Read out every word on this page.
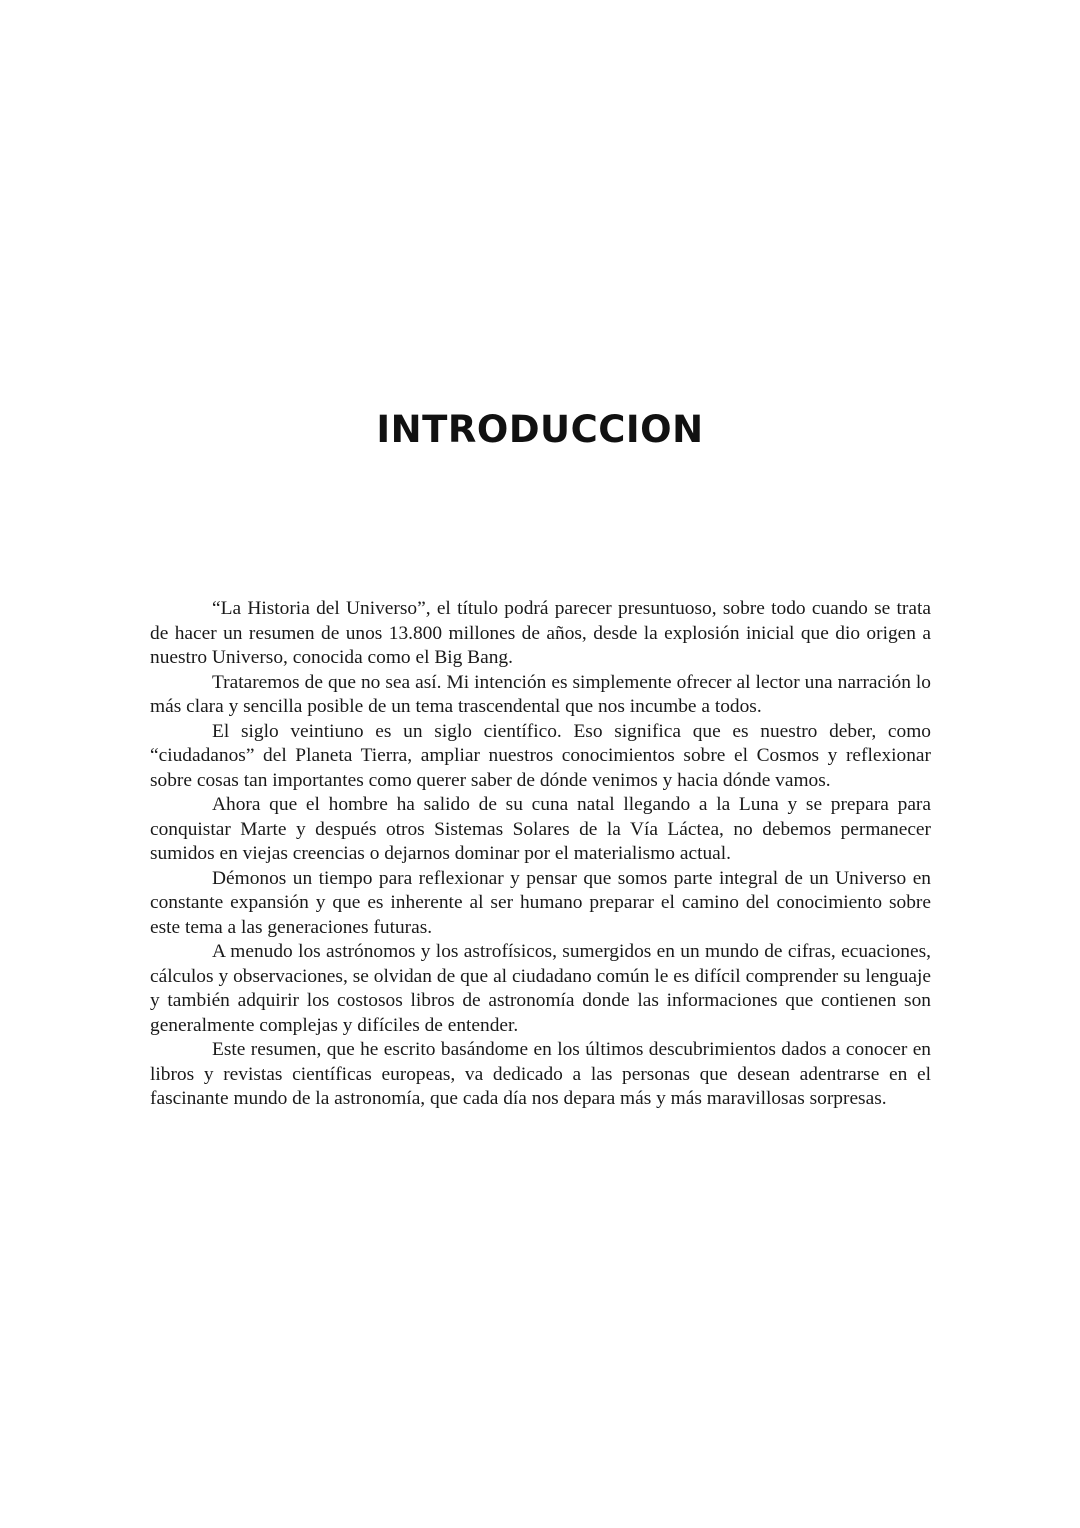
INTRODUCCION

“La Historia del Universo”, el título podrá parecer presuntuoso, sobre todo cuando se trata de hacer un resumen de unos 13.800 millones de años, desde la explosión inicial que dio origen a nuestro Universo, conocida como el Big Bang.

Trataremos de que no sea así. Mi intención es simplemente ofrecer al lector una narración lo más clara y sencilla posible de un tema trascendental que nos incumbe a todos.

El siglo veintiuno es un siglo científico. Eso significa que es nuestro deber, como “ciudadanos” del Planeta Tierra, ampliar nuestros conocimientos sobre el Cosmos y reflexionar sobre cosas tan importantes como querer saber de dónde venimos y hacia dónde vamos.

Ahora que el hombre ha salido de su cuna natal llegando a la Luna y se prepara para conquistar Marte y después otros Sistemas Solares de la Vía Láctea, no debemos permanecer sumidos en viejas creencias o dejarnos dominar por el materialismo actual.

Démonos un tiempo para reflexionar y pensar que somos parte integral de un Universo en constante expansión y que es inherente al ser humano preparar el camino del conocimiento sobre este tema a las generaciones futuras.

A menudo los astrónomos y los astrofísicos, sumergidos en un mundo de cifras, ecuaciones, cálculos y observaciones, se olvidan de que al ciudadano común le es difícil comprender su lenguaje y también adquirir los costosos libros de astronomía donde las informaciones que contienen son generalmente complejas y difíciles de entender.

Este resumen, que he escrito basándome en los últimos descubrimientos dados a conocer en libros y revistas científicas europeas, va dedicado a las personas que desean adentrarse en el fascinante mundo de la astronomía, que cada día nos depara más y más maravillosas sorpresas.
